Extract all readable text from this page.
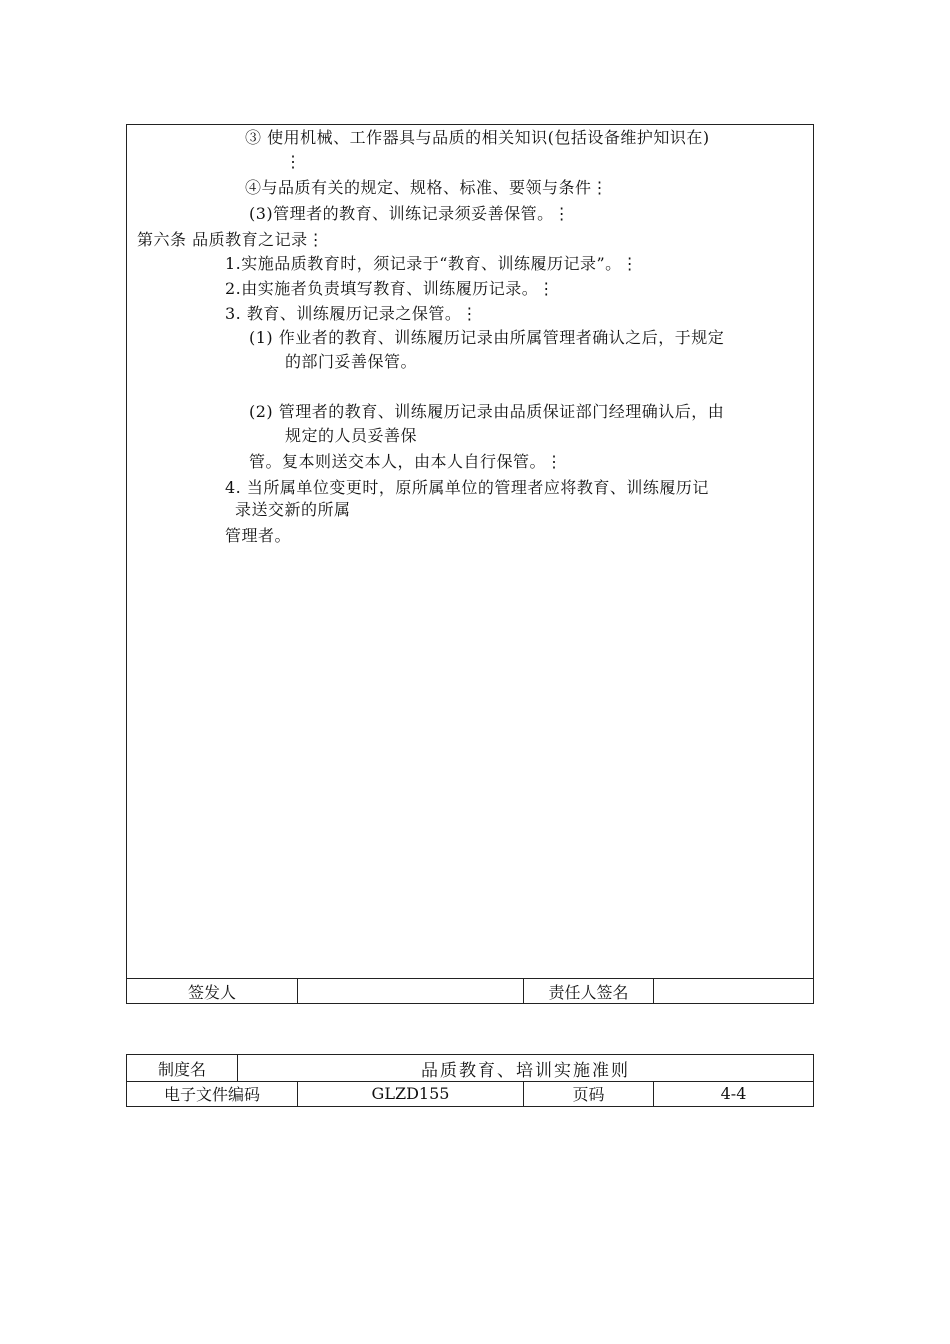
③ 使用机械、工作器具与品质的相关知识(包括设备维护知识在)
⋮
④与品质有关的规定、规格、标准、要领与条件⋮
(3)管理者的教育、训练记录须妥善保管。⋮
第六条 品质教育之记录⋮
1.实施品质教育时，须记录于“教育、训练履历记录”。⋮
2.由实施者负责填写教育、训练履历记录。⋮
3. 教育、训练履历记录之保管。⋮
(1) 作业者的教育、训练履历记录由所属管理者确认之后，于规定
的部门妥善保管。
(2) 管理者的教育、训练履历记录由品质保证部门经理确认后，由
规定的人员妥善保
管。复本则送交本人，由本人自行保管。⋮
4. 当所属单位变更时，原所属单位的管理者应将教育、训练履历记
录送交新的所属
管理者。
签发人	责任人签名
制度名	品质教育、培训实施准则
电子文件编码	GLZD155	页码	4-4
